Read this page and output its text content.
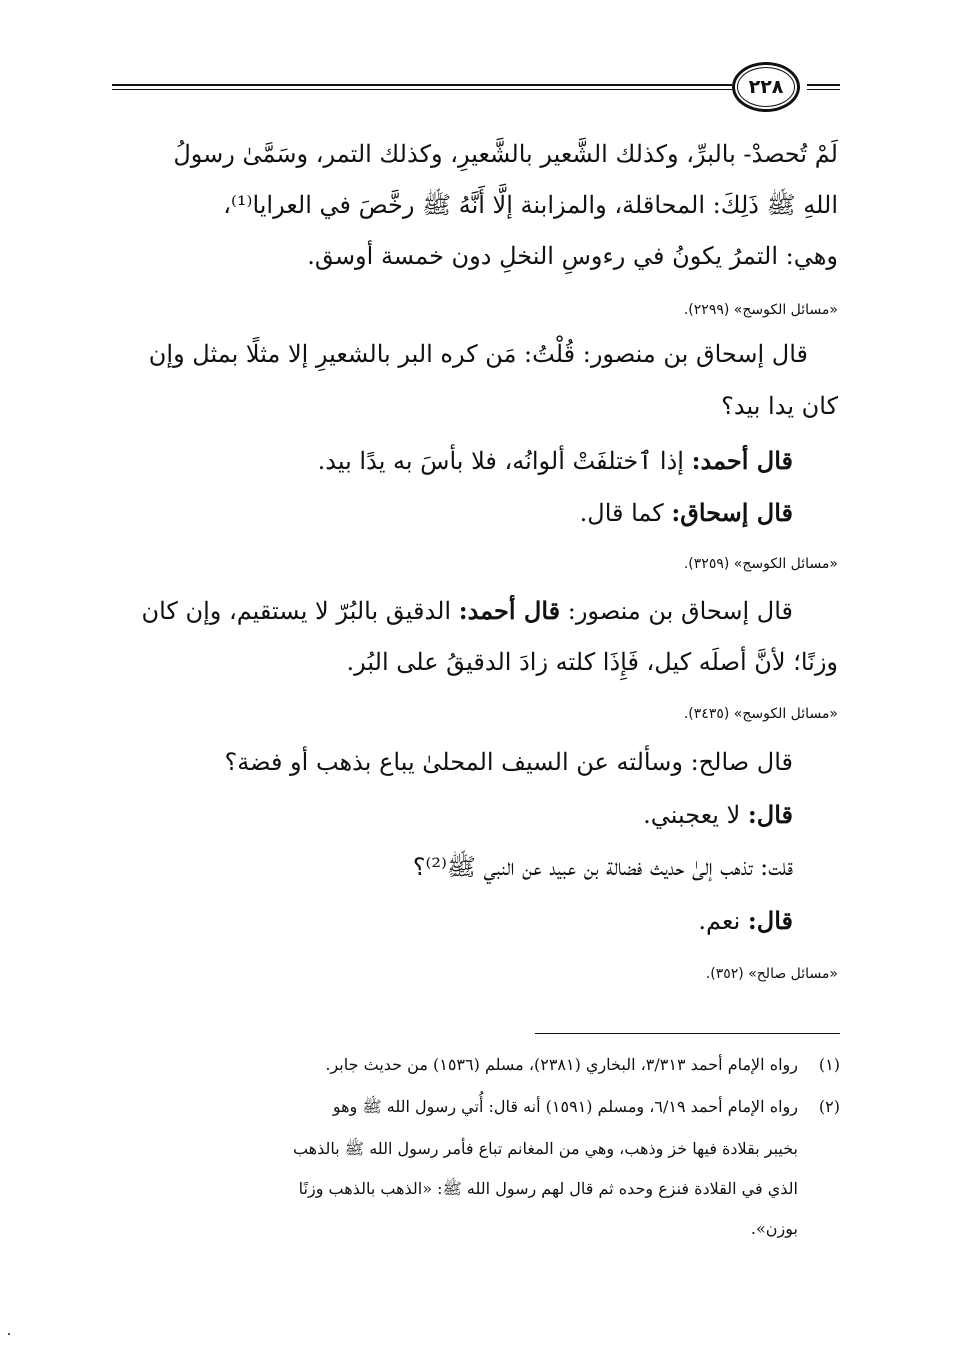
٢٢٨
لَمْ تُحصدْ- بالبرِّ، وكذلك الشَّعير بالشَّعيرِ، وكذلك التمر، وسَمَّىٰ رسولُ
اللهِ ﷺ ذَلِكَ: المحاقلة، والمزابنة إلَّا أَنَّهُ ﷺ رخَّصَ في العرايا⁽¹⁾،
وهي: التمرُ يكونُ في رءوسِ النخلِ دون خمسة أوسق.
«مسائل الكوسج» (٢٢٩٩).
قال إسحاق بن منصور: قُلْتُ: مَن كره البر بالشعيرِ إلا مثلًا بمثل وإن
كان يدا بيد؟
قال أحمد: إذا ٱختلفَتْ ألوانُه، فلا بأسَ به يدًا بيد.
قال إسحاق: كما قال.
«مسائل الكوسج» (٣٢٥٩).
قال إسحاق بن منصور: قال أحمد: الدقيق بالبُرّ لا يستقيم، وإن كان
وزنًا؛ لأنَّ أصلَه كيل، فَإِذَا كلته زادَ الدقيقُ على البُر.
«مسائل الكوسج» (٣٤٣٥).
قال صالح: وسألته عن السيف المحلىٰ يباع بذهب أو فضة؟
قال: لا يعجبني.
قلت: تذهب إلىٰ حديث فضالة بن عبيد عن النبي ﷺ⁽²⁾؟
قال: نعم.
«مسائل صالح» (٣٥٢).
(١)
رواه الإمام أحمد ٣/٣١٣، البخاري (٢٣٨١)، مسلم (١٥٣٦) من حديث جابر.
(٢)
رواه الإمام أحمد ٦/١٩، ومسلم (١٥٩١) أنه قال: أُتي رسول الله ﷺ وهو
بخيبر بقلادة فيها خز وذهب، وهي من المغانم تباع فأمر رسول الله ﷺ بالذهب
الذي في القلادة فنزع وحده ثم قال لهم رسول الله ﷺ: «الذهب بالذهب وزنًا
بوزن».
